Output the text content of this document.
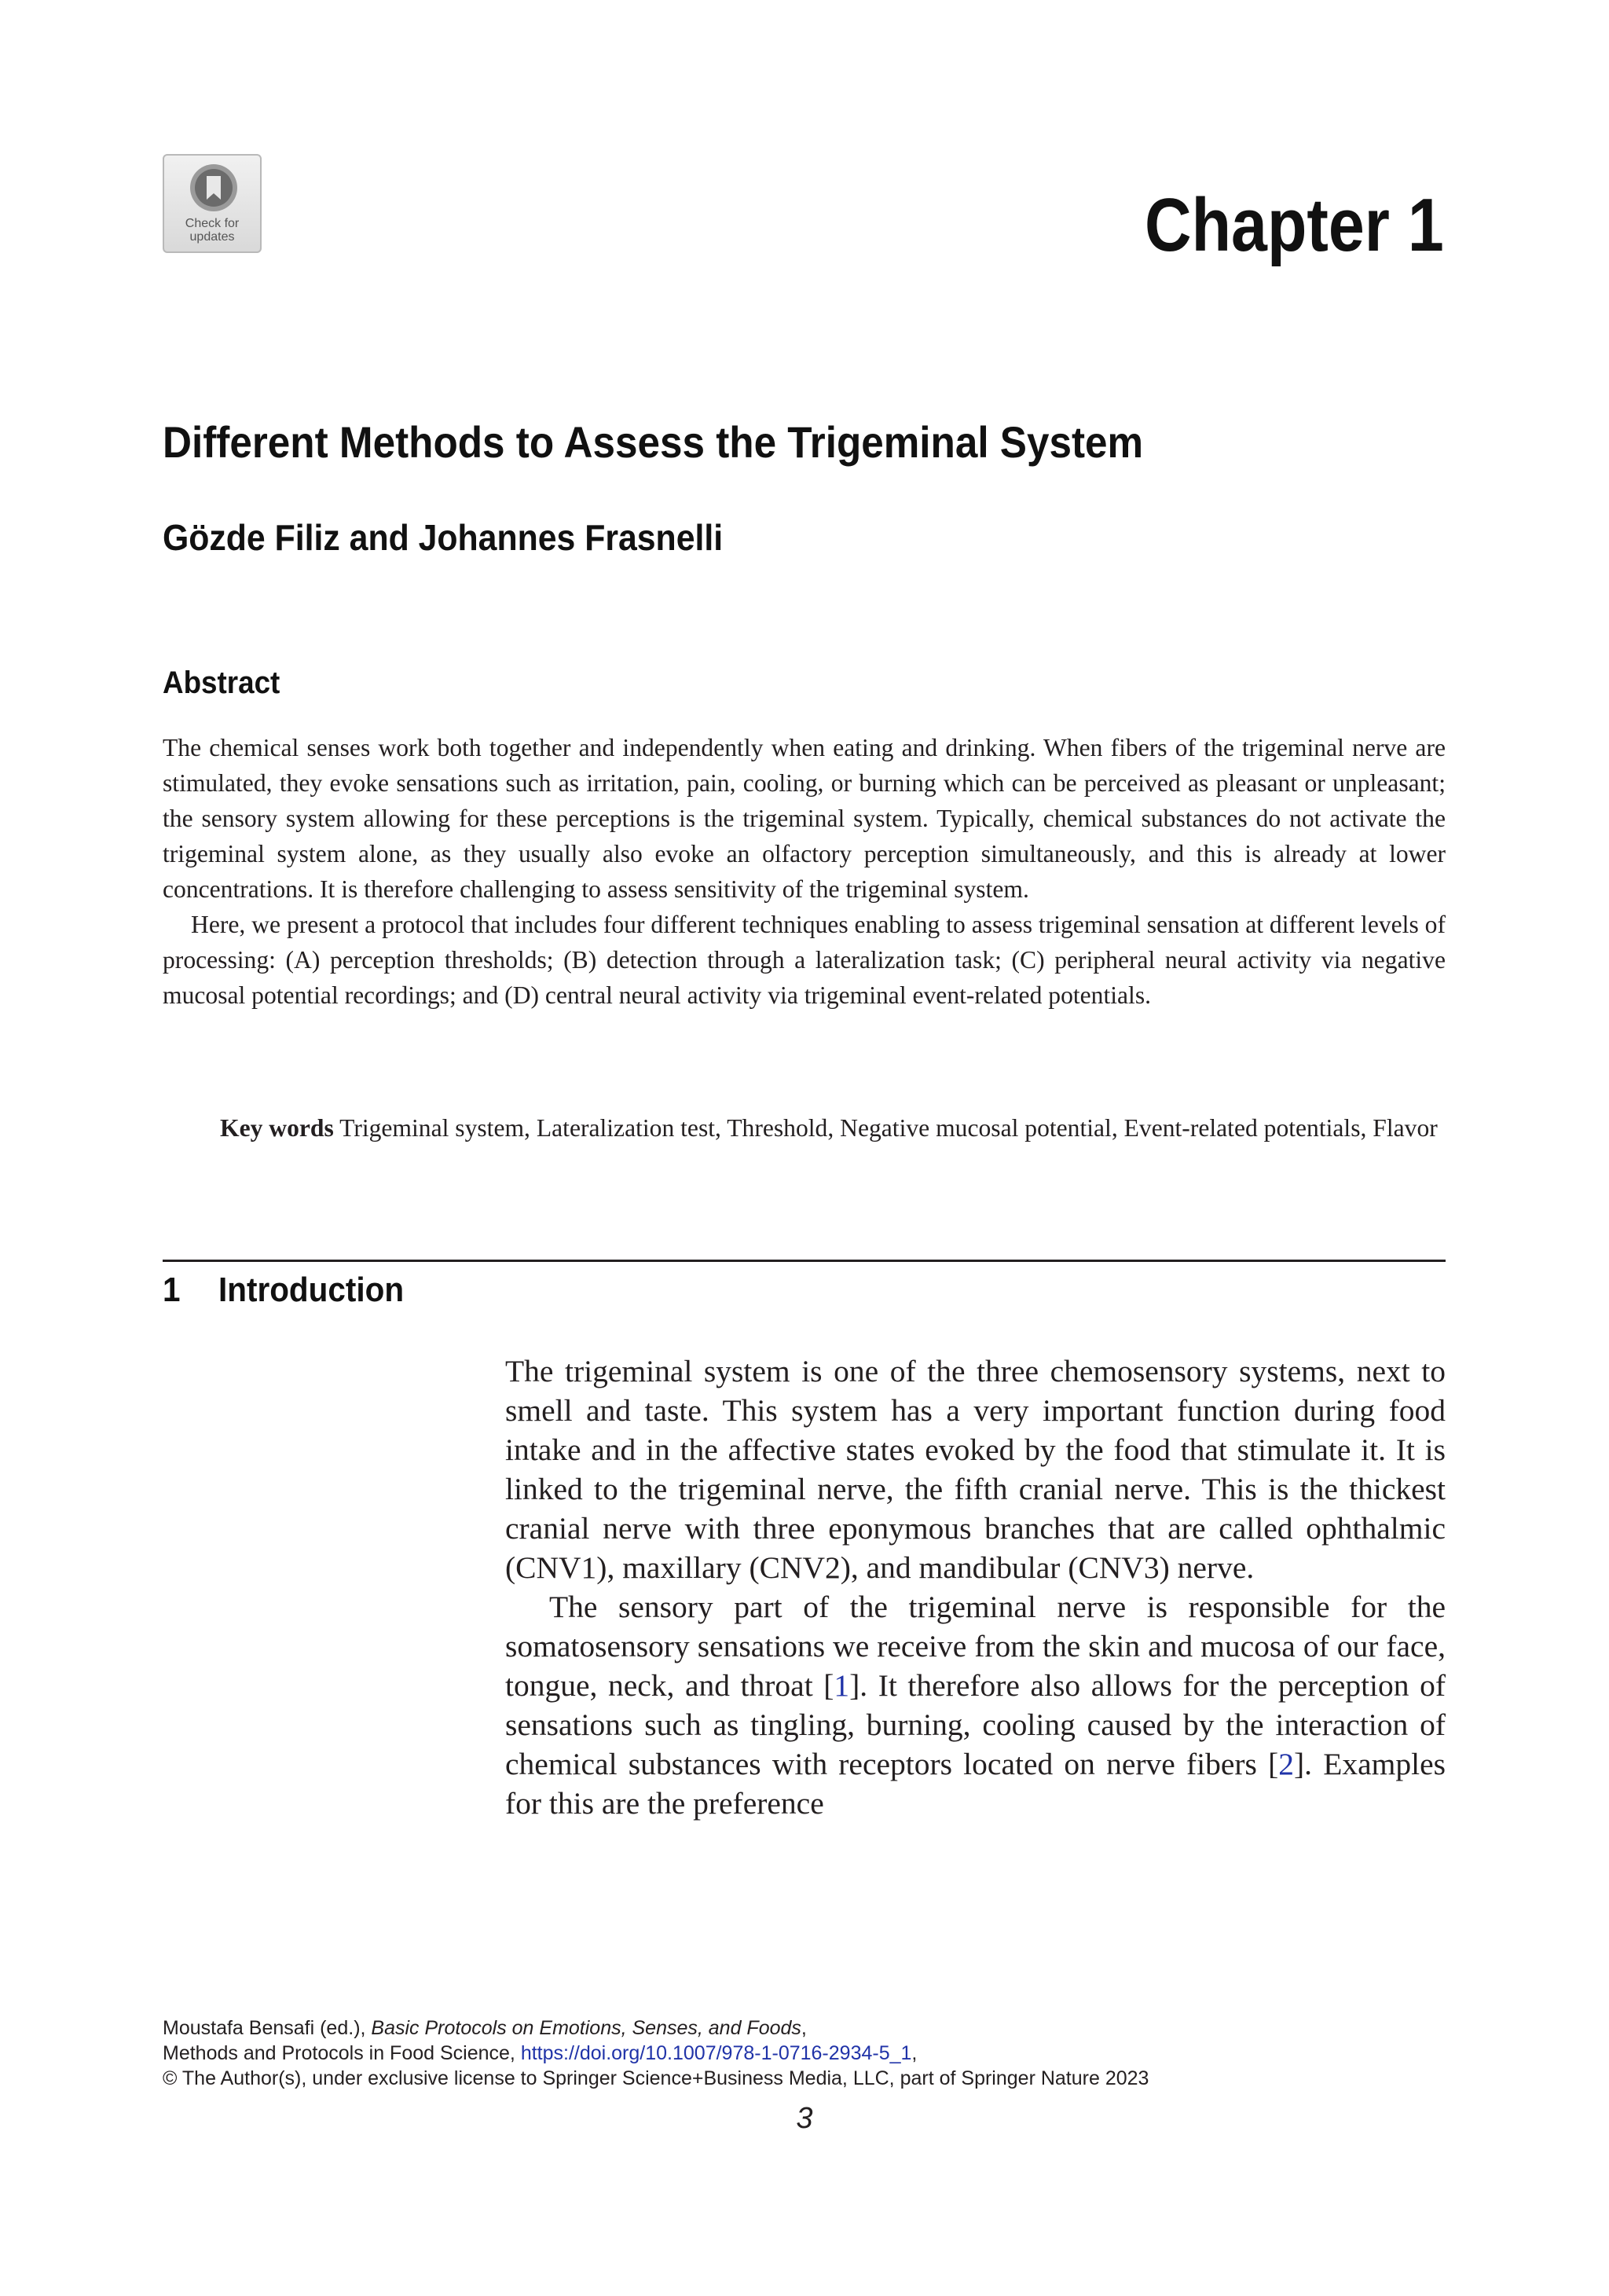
Check for
updates	Chapter 1
Different Methods to Assess the Trigeminal System
Gözde Filiz and Johannes Frasnelli
Abstract

The chemical senses work both together and independently when eating and drinking. When fibers of the trigeminal nerve are stimulated, they evoke sensations such as irritation, pain, cooling, or burning which can be perceived as pleasant or unpleasant; the sensory system allowing for these perceptions is the trigeminal system. Typically, chemical substances do not activate the trigeminal system alone, as they usually also evoke an olfactory perception simultaneously, and this is already at lower concentrations. It is therefore challenging to assess sensitivity of the trigeminal system.

Here, we present a protocol that includes four different techniques enabling to assess trigeminal sensation at different levels of processing: (A) perception thresholds; (B) detection through a lateralization task; (C) peripheral neural activity via negative mucosal potential recordings; and (D) central neural activity via trigeminal event-related potentials.

Key words Trigeminal system, Lateralization test, Threshold, Negative mucosal potential, Event-related potentials, Flavor
1 Introduction

The trigeminal system is one of the three chemosensory systems, next to smell and taste. This system has a very important function during food intake and in the affective states evoked by the food that stimulate it. It is linked to the trigeminal nerve, the fifth cranial nerve. This is the thickest cranial nerve with three eponymous branches that are called ophthalmic (CNV1), maxillary (CNV2), and mandibular (CNV3) nerve.

The sensory part of the trigeminal nerve is responsible for the somatosensory sensations we receive from the skin and mucosa of our face, tongue, neck, and throat [1]. It therefore also allows for the perception of sensations such as tingling, burning, cooling caused by the interaction of chemical substances with receptors located on nerve fibers [2]. Examples for this are the preference

Moustafa Bensafi (ed.), Basic Protocols on Emotions, Senses, and Foods,
Methods and Protocols in Food Science, https://doi.org/10.1007/978-1-0716-2934-5_1,
© The Author(s), under exclusive license to Springer Science+Business Media, LLC, part of Springer Nature 2023
3
